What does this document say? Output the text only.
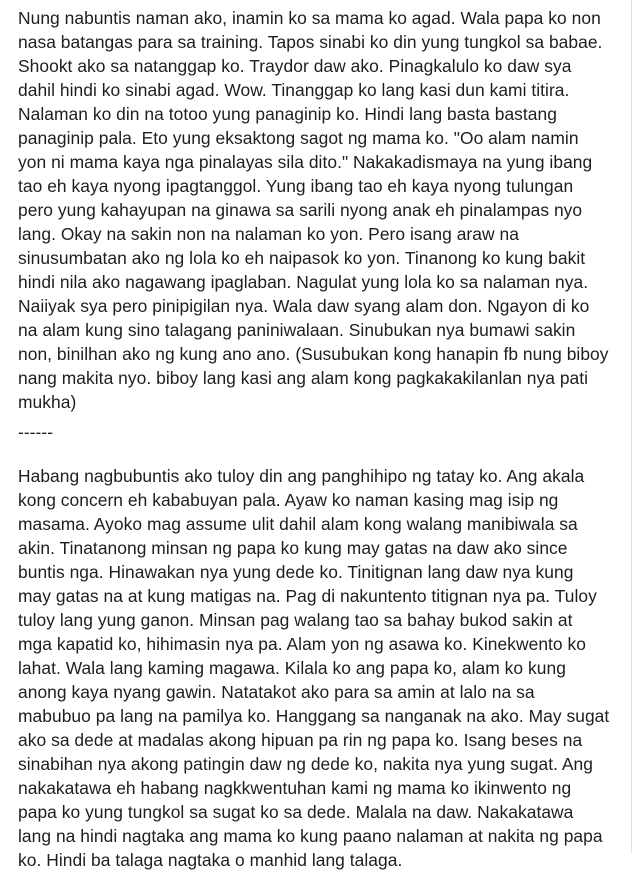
Nung nabuntis naman ako, inamin ko sa mama ko agad. Wala papa ko non
nasa batangas para sa training. Tapos sinabi ko din yung tungkol sa babae.
Shookt ako sa natanggap ko. Traydor daw ako. Pinagkalulo ko daw sya
dahil hindi ko sinabi agad. Wow. Tinanggap ko lang kasi dun kami titira.
Nalaman ko din na totoo yung panaginip ko. Hindi lang basta bastang
panaginip pala. Eto yung eksaktong sagot ng mama ko. "Oo alam namin
yon ni mama kaya nga pinalayas sila dito." Nakakadismaya na yung ibang
tao eh kaya nyong ipagtanggol. Yung ibang tao eh kaya nyong tulungan
pero yung kahayupan na ginawa sa sarili nyong anak eh pinalampas nyo
lang. Okay na sakin non na nalaman ko yon. Pero isang araw na
sinusumbatan ako ng lola ko eh naipasok ko yon. Tinanong ko kung bakit
hindi nila ako nagawang ipaglaban. Nagulat yung lola ko sa nalaman nya.
Naiiyak sya pero pinipigilan nya. Wala daw syang alam don. Ngayon di ko
na alam kung sino talagang paniniwalaan. Sinubukan nya bumawi sakin
non, binilhan ako ng kung ano ano. (Susubukan kong hanapin fb nung biboy
nang makita nyo. biboy lang kasi ang alam kong pagkakakilanlan nya pati
mukha)

------

Habang nagbubuntis ako tuloy din ang panghihipo ng tatay ko. Ang akala
kong concern eh kababuyan pala. Ayaw ko naman kasing mag isip ng
masama. Ayoko mag assume ulit dahil alam kong walang manibiwala sa
akin. Tinatanong minsan ng papa ko kung may gatas na daw ako since
buntis nga. Hinawakan nya yung dede ko. Tinitignan lang daw nya kung
may gatas na at kung matigas na. Pag di nakuntento titignan nya pa. Tuloy
tuloy lang yung ganon. Minsan pag walang tao sa bahay bukod sakin at
mga kapatid ko, hihimasin nya pa. Alam yon ng asawa ko. Kinekwento ko
lahat. Wala lang kaming magawa. Kilala ko ang papa ko, alam ko kung
anong kaya nyang gawin. Natatakot ako para sa amin at lalo na sa
mabubuo pa lang na pamilya ko. Hanggang sa nanganak na ako. May sugat
ako sa dede at madalas akong hipuan pa rin ng papa ko. Isang beses na
sinabihan nya akong patingin daw ng dede ko, nakita nya yung sugat. Ang
nakakatawa eh habang nagkkwentuhan kami ng mama ko ikinwento ng
papa ko yung tungkol sa sugat ko sa dede. Malala na daw. Nakakatawa
lang na hindi nagtaka ang mama ko kung paano nalaman at nakita ng papa
ko. Hindi ba talaga nagtaka o manhid lang talaga.
